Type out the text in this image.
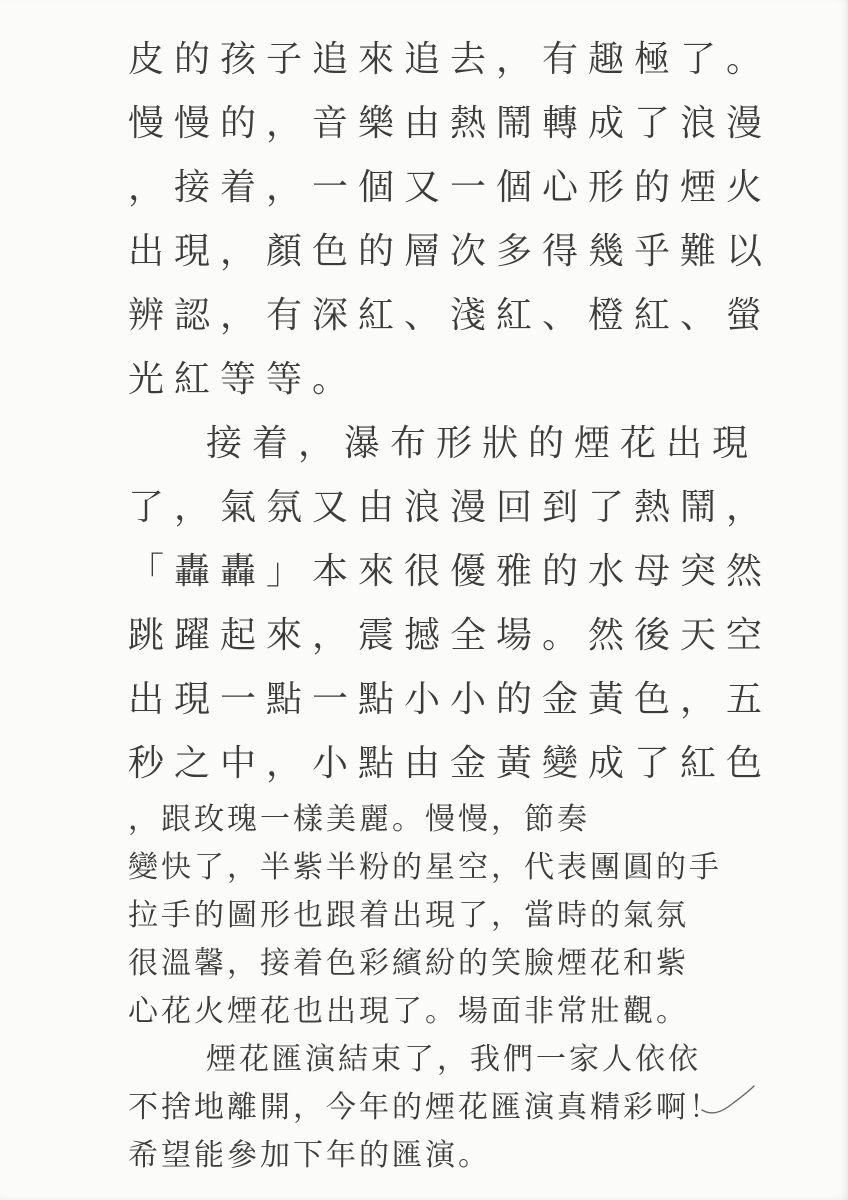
皮的孩子追來追去，有趣極了。
慢慢的，音樂由熱鬧轉成了浪漫
，接着，一個又一個心形的煙火
出現，顏色的層次多得幾乎難以
辨認，有深紅、淺紅、橙紅、螢
光紅等等。
接着，瀑布形狀的煙花出現
了，氣氛又由浪漫回到了熱鬧，
「轟轟」本來很優雅的水母突然
跳躍起來，震撼全場。然後天空
出現一點一點小小的金黃色，五
秒之中，小點由金黃變成了紅色
，跟玫瑰一樣美麗。慢慢，節奏
變快了，半紫半粉的星空，代表團圓的手
拉手的圖形也跟着出現了，當時的氣氛
很溫馨，接着色彩繽紛的笑臉煙花和紫
心花火煙花也出現了。場面非常壯觀。
煙花匯演結束了，我們一家人依依
不捨地離開，今年的煙花匯演真精彩啊！
希望能參加下年的匯演。
